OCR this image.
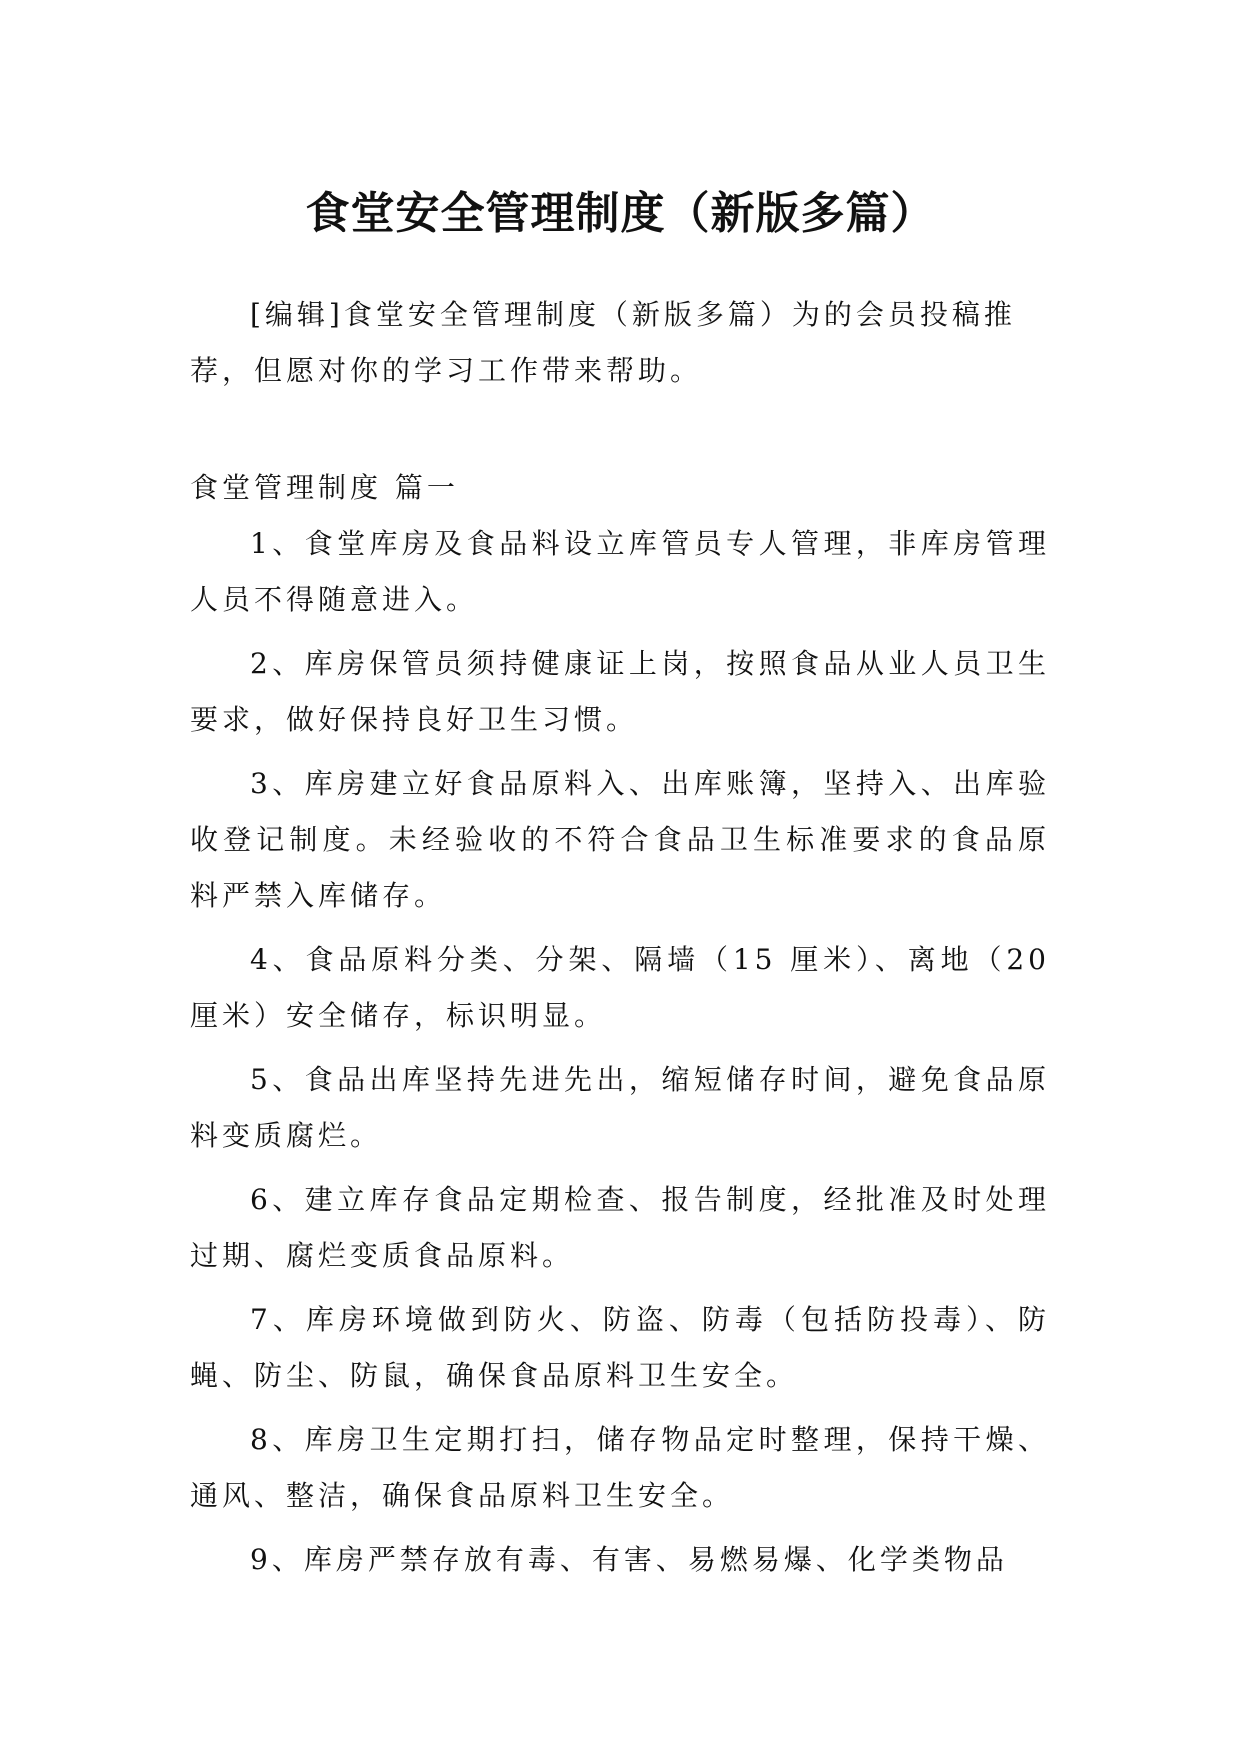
食堂安全管理制度（新版多篇）

[编辑]食堂安全管理制度（新版多篇）为的会员投稿推荐，但愿对你的学习工作带来帮助。

食堂管理制度 篇一

1、食堂库房及食品料设立库管员专人管理，非库房管理人员不得随意进入。

2、库房保管员须持健康证上岗，按照食品从业人员卫生要求，做好保持良好卫生习惯。

3、库房建立好食品原料入、出库账簿，坚持入、出库验收登记制度。未经验收的不符合食品卫生标准要求的食品原料严禁入库储存。

4、食品原料分类、分架、隔墙（15 厘米）、离地（20 厘米）安全储存，标识明显。

5、食品出库坚持先进先出，缩短储存时间，避免食品原料变质腐烂。

6、建立库存食品定期检查、报告制度，经批准及时处理过期、腐烂变质食品原料。

7、库房环境做到防火、防盗、防毒（包括防投毒）、防蝇、防尘、防鼠，确保食品原料卫生安全。

8、库房卫生定期打扫，储存物品定时整理，保持干燥、通风、整洁，确保食品原料卫生安全。

9、库房严禁存放有毒、有害、易燃易爆、化学类物品
